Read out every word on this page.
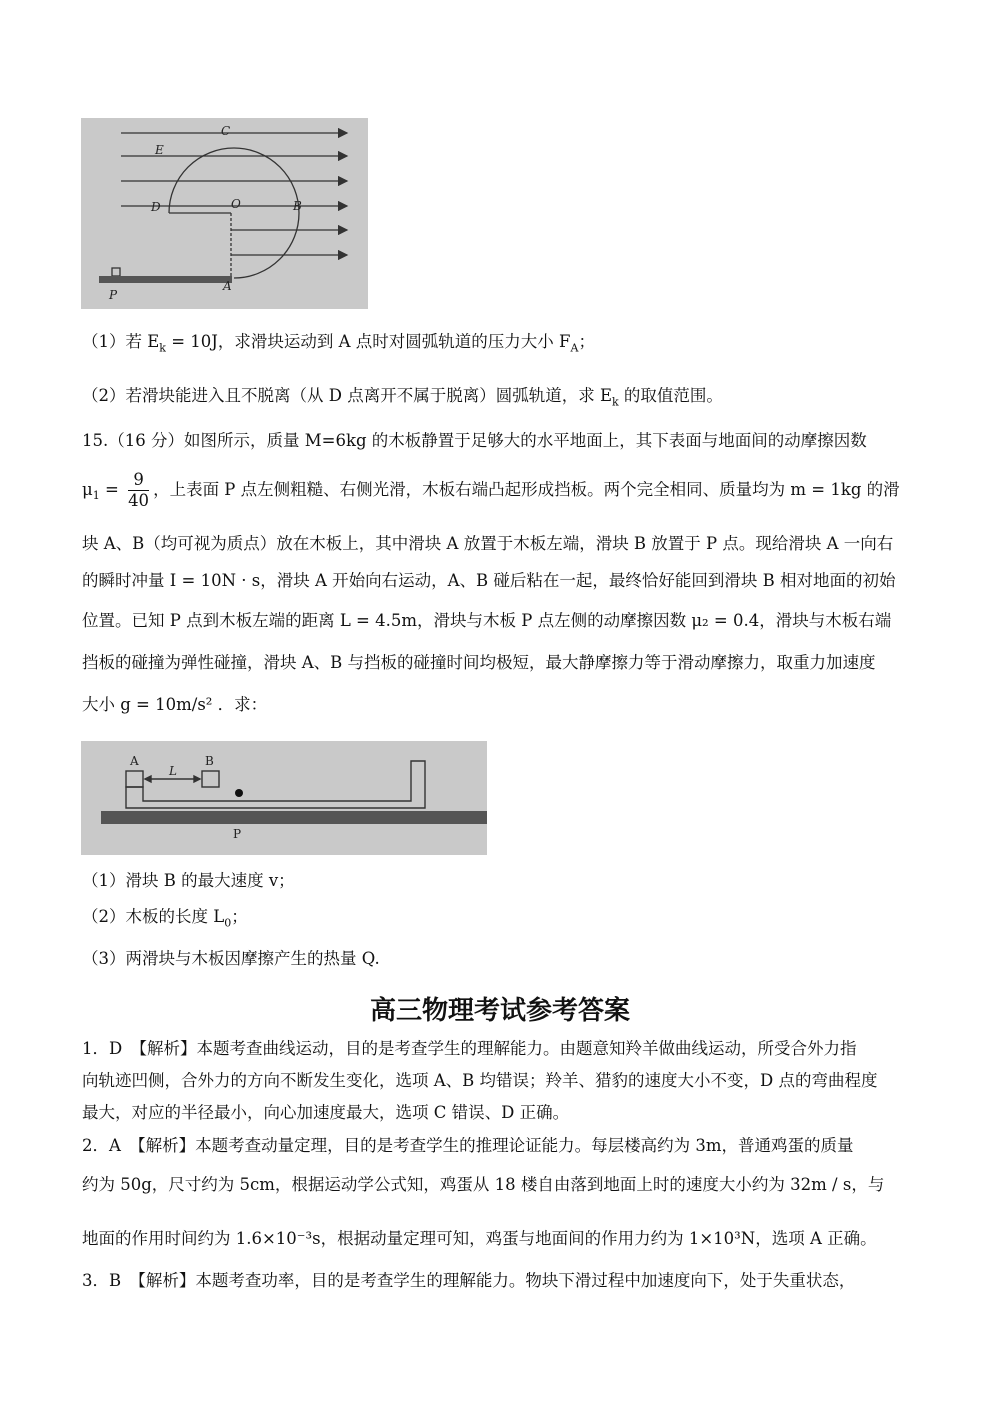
C
E
D	O	B
P
A
（1）若 $E_k = 10J$，求滑块运动到 A 点时对圆弧轨道的压力大小 $F_A$；
（2）若滑块能进入且不脱离（从 D 点离开不属于脱离）圆弧轨道，求 $E_k$ 的取值范围。
15.（16 分）如图所示，质量 M=6kg 的木板静置于足够大的水平地面上，其下表面与地面间的动摩擦因数
$\mu_1 = \frac{9}{40}$ ，上表面 P 点左侧粗糙、右侧光滑，木板右端凸起形成挡板。两个完全相同、质量均为 m = 1kg 的滑
块 A、B（均可视为质点）放在木板上，其中滑块 A 放置于木板左端，滑块 B 放置于 P 点。现给滑块 A 一向右
的瞬时冲量 I = 10N · s，滑块 A 开始向右运动，A、B 碰后粘在一起，最终恰好能回到滑块 B 相对地面的初始
位置。已知 P 点到木板左端的距离 L = 4.5m，滑块与木板 P 点左侧的动摩擦因数 μ₂ = 0.4，滑块与木板右端
挡板的碰撞为弹性碰撞，滑块 A、B 与挡板的碰撞时间均极短，最大静摩擦力等于滑动摩擦力，取重力加速度
大小 g = 10m/s² ．求：
A	B
L
P
（1）滑块 B 的最大速度 v；
（2）木板的长度 $L_0$；
（3）两滑块与木板因摩擦产生的热量 Q.
高三物理考试参考答案
1．D　【解析】本题考查曲线运动，目的是考查学生的理解能力。由题意知羚羊做曲线运动，所受合外力指
向轨迹凹侧，合外力的方向不断发生变化，选项 A、B 均错误；羚羊、猎豹的速度大小不变，D 点的弯曲程度
最大，对应的半径最小，向心加速度最大，选项 C 错误、D 正确。
2．A　【解析】本题考查动量定理，目的是考查学生的推理论证能力。每层楼高约为 3m，普通鸡蛋的质量
约为 50g，尺寸约为 5cm，根据运动学公式知，鸡蛋从 18 楼自由落到地面上时的速度大小约为 32m / s，与
地面的作用时间约为 1.6×10⁻³s，根据动量定理可知，鸡蛋与地面间的作用力约为 1×10³N，选项 A 正确。
3．B　【解析】本题考查功率，目的是考查学生的理解能力。物块下滑过程中加速度向下，处于失重状态，
